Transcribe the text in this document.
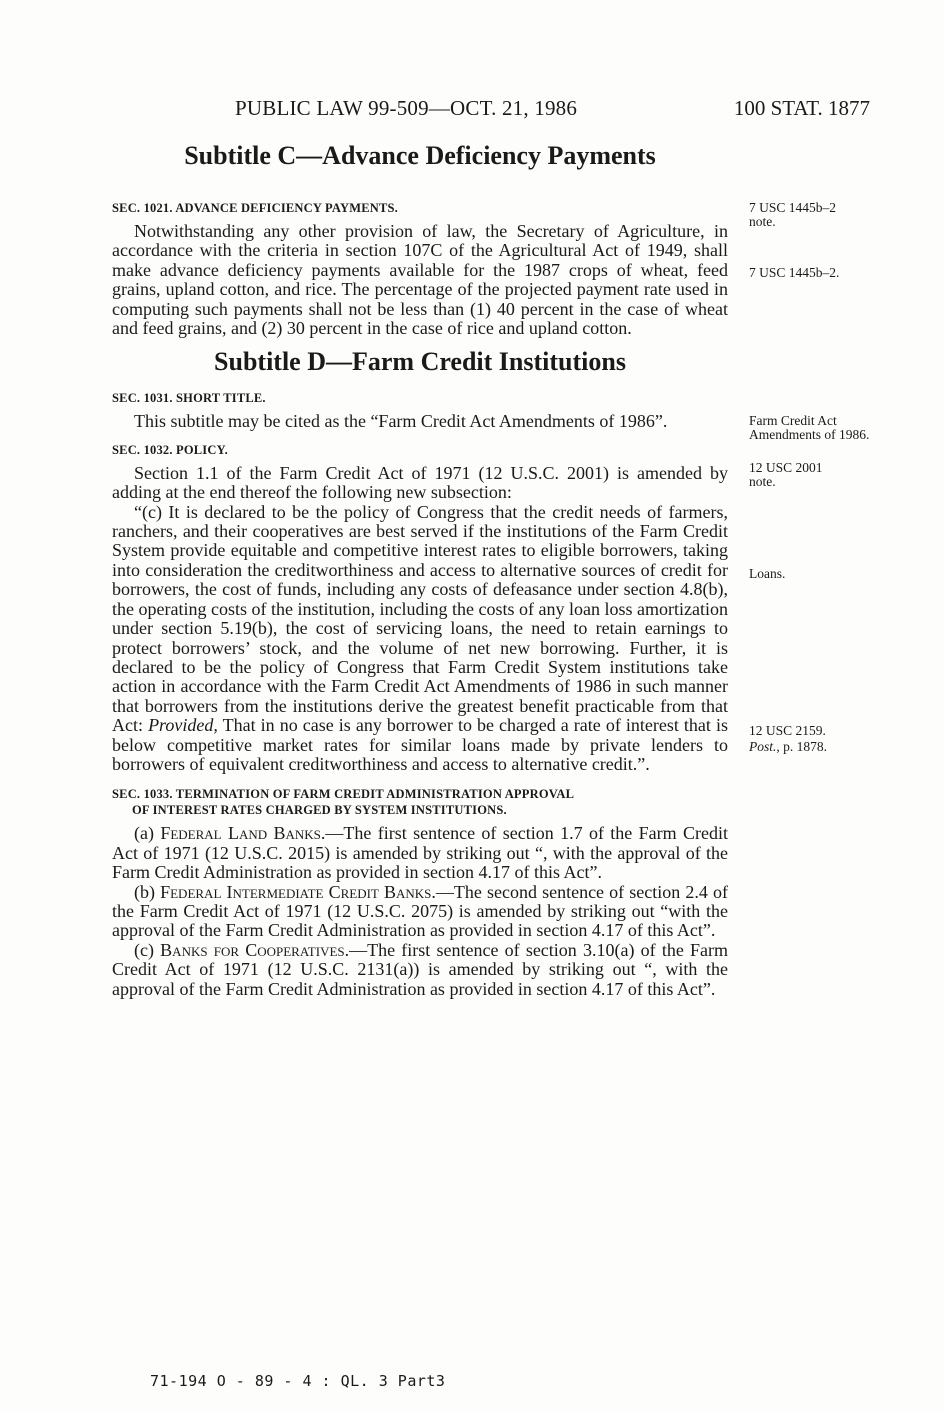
PUBLIC LAW 99-509—OCT. 21, 1986	100 STAT. 1877
Subtitle C—Advance Deficiency Payments

SEC. 1021. ADVANCE DEFICIENCY PAYMENTS.

Notwithstanding any other provision of law, the Secretary of Agriculture, in accordance with the criteria in section 107C of the Agricultural Act of 1949, shall make advance deficiency payments available for the 1987 crops of wheat, feed grains, upland cotton, and rice. The percentage of the projected payment rate used in computing such payments shall not be less than (1) 40 percent in the case of wheat and feed grains, and (2) 30 percent in the case of rice and upland cotton.

Subtitle D—Farm Credit Institutions

SEC. 1031. SHORT TITLE.

This subtitle may be cited as the “Farm Credit Act Amendments of 1986”.

SEC. 1032. POLICY.

Section 1.1 of the Farm Credit Act of 1971 (12 U.S.C. 2001) is amended by adding at the end thereof the following new subsection:

“(c) It is declared to be the policy of Congress that the credit needs of farmers, ranchers, and their cooperatives are best served if the institutions of the Farm Credit System provide equitable and competitive interest rates to eligible borrowers, taking into consideration the creditworthiness and access to alternative sources of credit for borrowers, the cost of funds, including any costs of defeasance under section 4.8(b), the operating costs of the institution, including the costs of any loan loss amortization under section 5.19(b), the cost of servicing loans, the need to retain earnings to protect borrowers’ stock, and the volume of net new borrowing. Further, it is declared to be the policy of Congress that Farm Credit System institutions take action in accordance with the Farm Credit Act Amendments of 1986 in such manner that borrowers from the institutions derive the greatest benefit practicable from that Act: Provided, That in no case is any borrower to be charged a rate of interest that is below competitive market rates for similar loans made by private lenders to borrowers of equivalent creditworthiness and access to alternative credit.”.

SEC. 1033. TERMINATION OF FARM CREDIT ADMINISTRATION APPROVAL
OF INTEREST RATES CHARGED BY SYSTEM INSTITUTIONS.

(a) Federal Land Banks.—The first sentence of section 1.7 of the Farm Credit Act of 1971 (12 U.S.C. 2015) is amended by striking out “, with the approval of the Farm Credit Administration as provided in section 4.17 of this Act”.

(b) Federal Intermediate Credit Banks.—The second sentence of section 2.4 of the Farm Credit Act of 1971 (12 U.S.C. 2075) is amended by striking out “with the approval of the Farm Credit Administration as provided in section 4.17 of this Act”.

(c) Banks for Cooperatives.—The first sentence of section 3.10(a) of the Farm Credit Act of 1971 (12 U.S.C. 2131(a)) is amended by striking out “, with the approval of the Farm Credit Administration as provided in section 4.17 of this Act”.

7 USC 1445b–2 note.
7 USC 1445b–2.
Farm Credit Act Amendments of 1986.
12 USC 2001 note.
Loans.
12 USC 2159.
Post., p. 1878.
71-194 O - 89 - 4 : QL. 3 Part3
